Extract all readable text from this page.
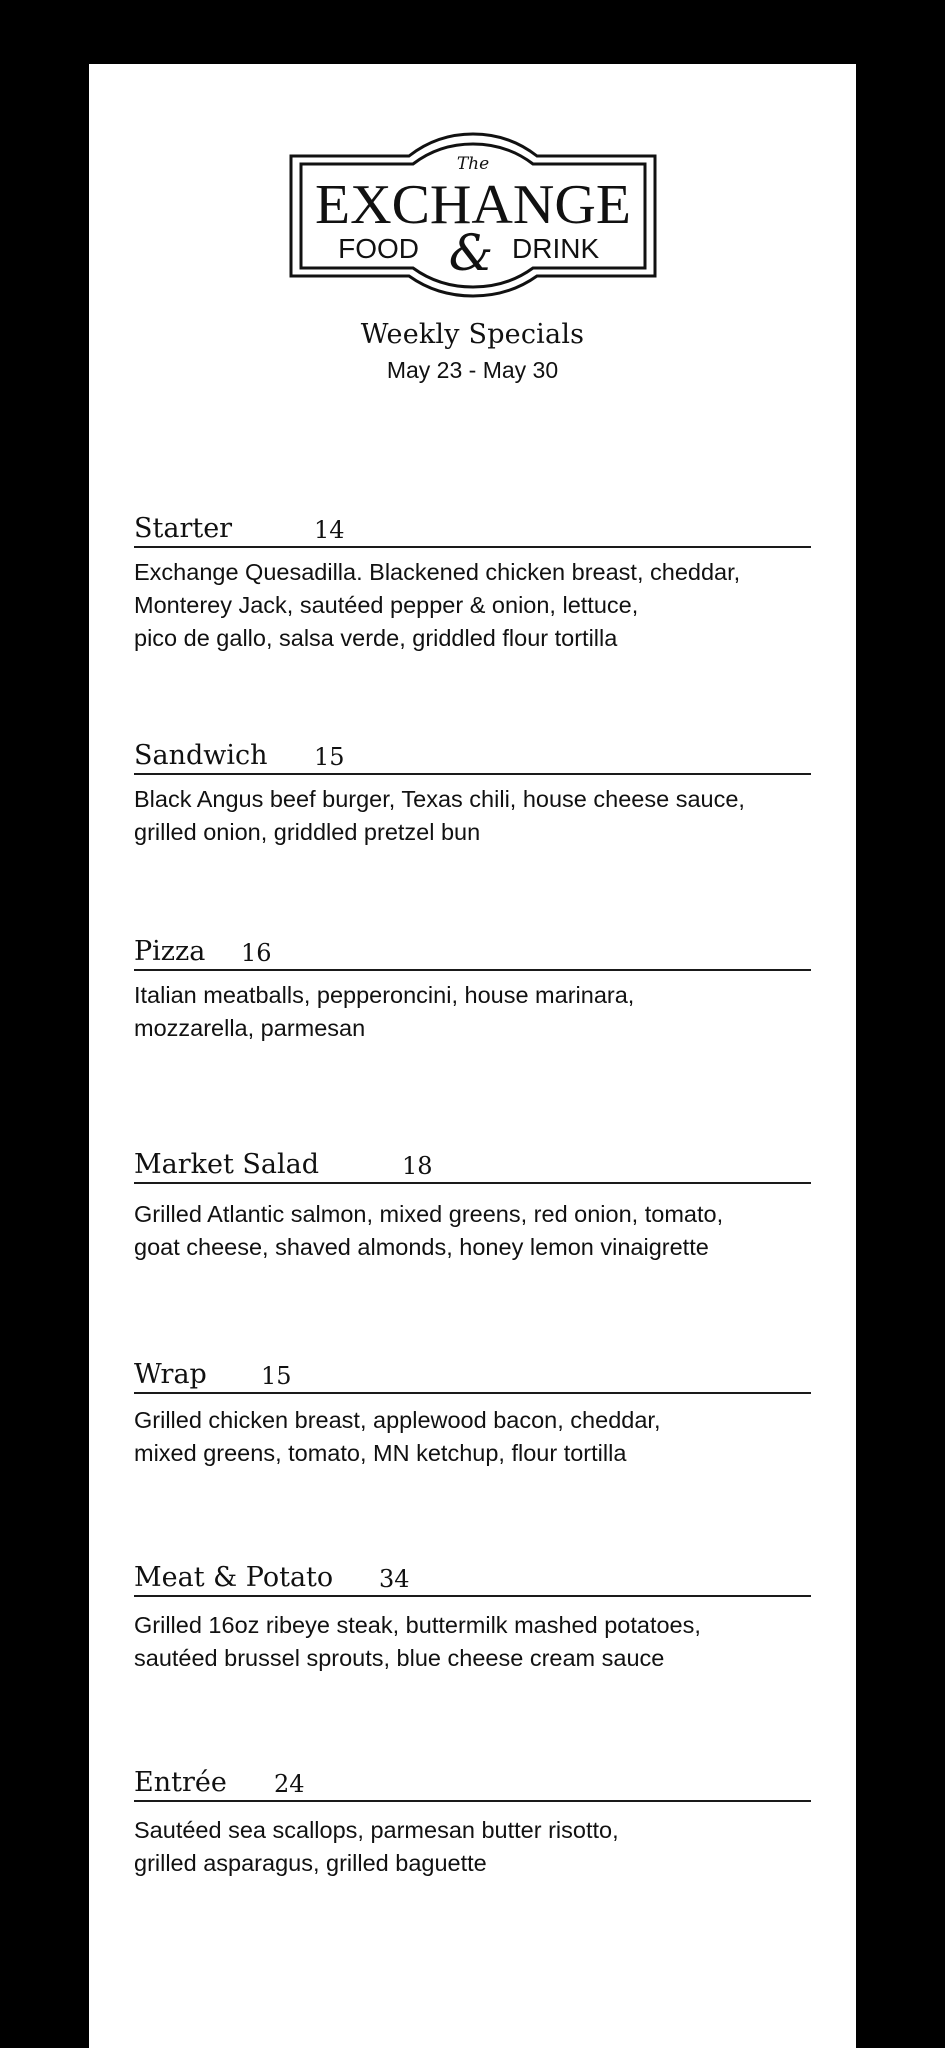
The
EXCHANGE
FOOD & DRINK
Weekly Specials
May 23 - May 30
Starter	14
Exchange Quesadilla. Blackened chicken breast, cheddar,
Monterey Jack, sautéed pepper & onion, lettuce,
pico de gallo, salsa verde, griddled flour tortilla
Sandwich 15
Black Angus beef burger, Texas chili, house cheese sauce,
grilled onion, griddled pretzel bun
Pizza 16
Italian meatballs, pepperoncini, house marinara,
mozzarella, parmesan
Market Salad	18
Grilled Atlantic salmon, mixed greens, red onion, tomato,
goat cheese, shaved almonds, honey lemon vinaigrette
Wrap 15
Grilled chicken breast, applewood bacon, cheddar,
mixed greens, tomato, MN ketchup, flour tortilla
Meat & Potato 34
Grilled 16oz ribeye steak, buttermilk mashed potatoes,
sautéed brussel sprouts, blue cheese cream sauce
Entrée 24
Sautéed sea scallops, parmesan butter risotto,
grilled asparagus, grilled baguette
